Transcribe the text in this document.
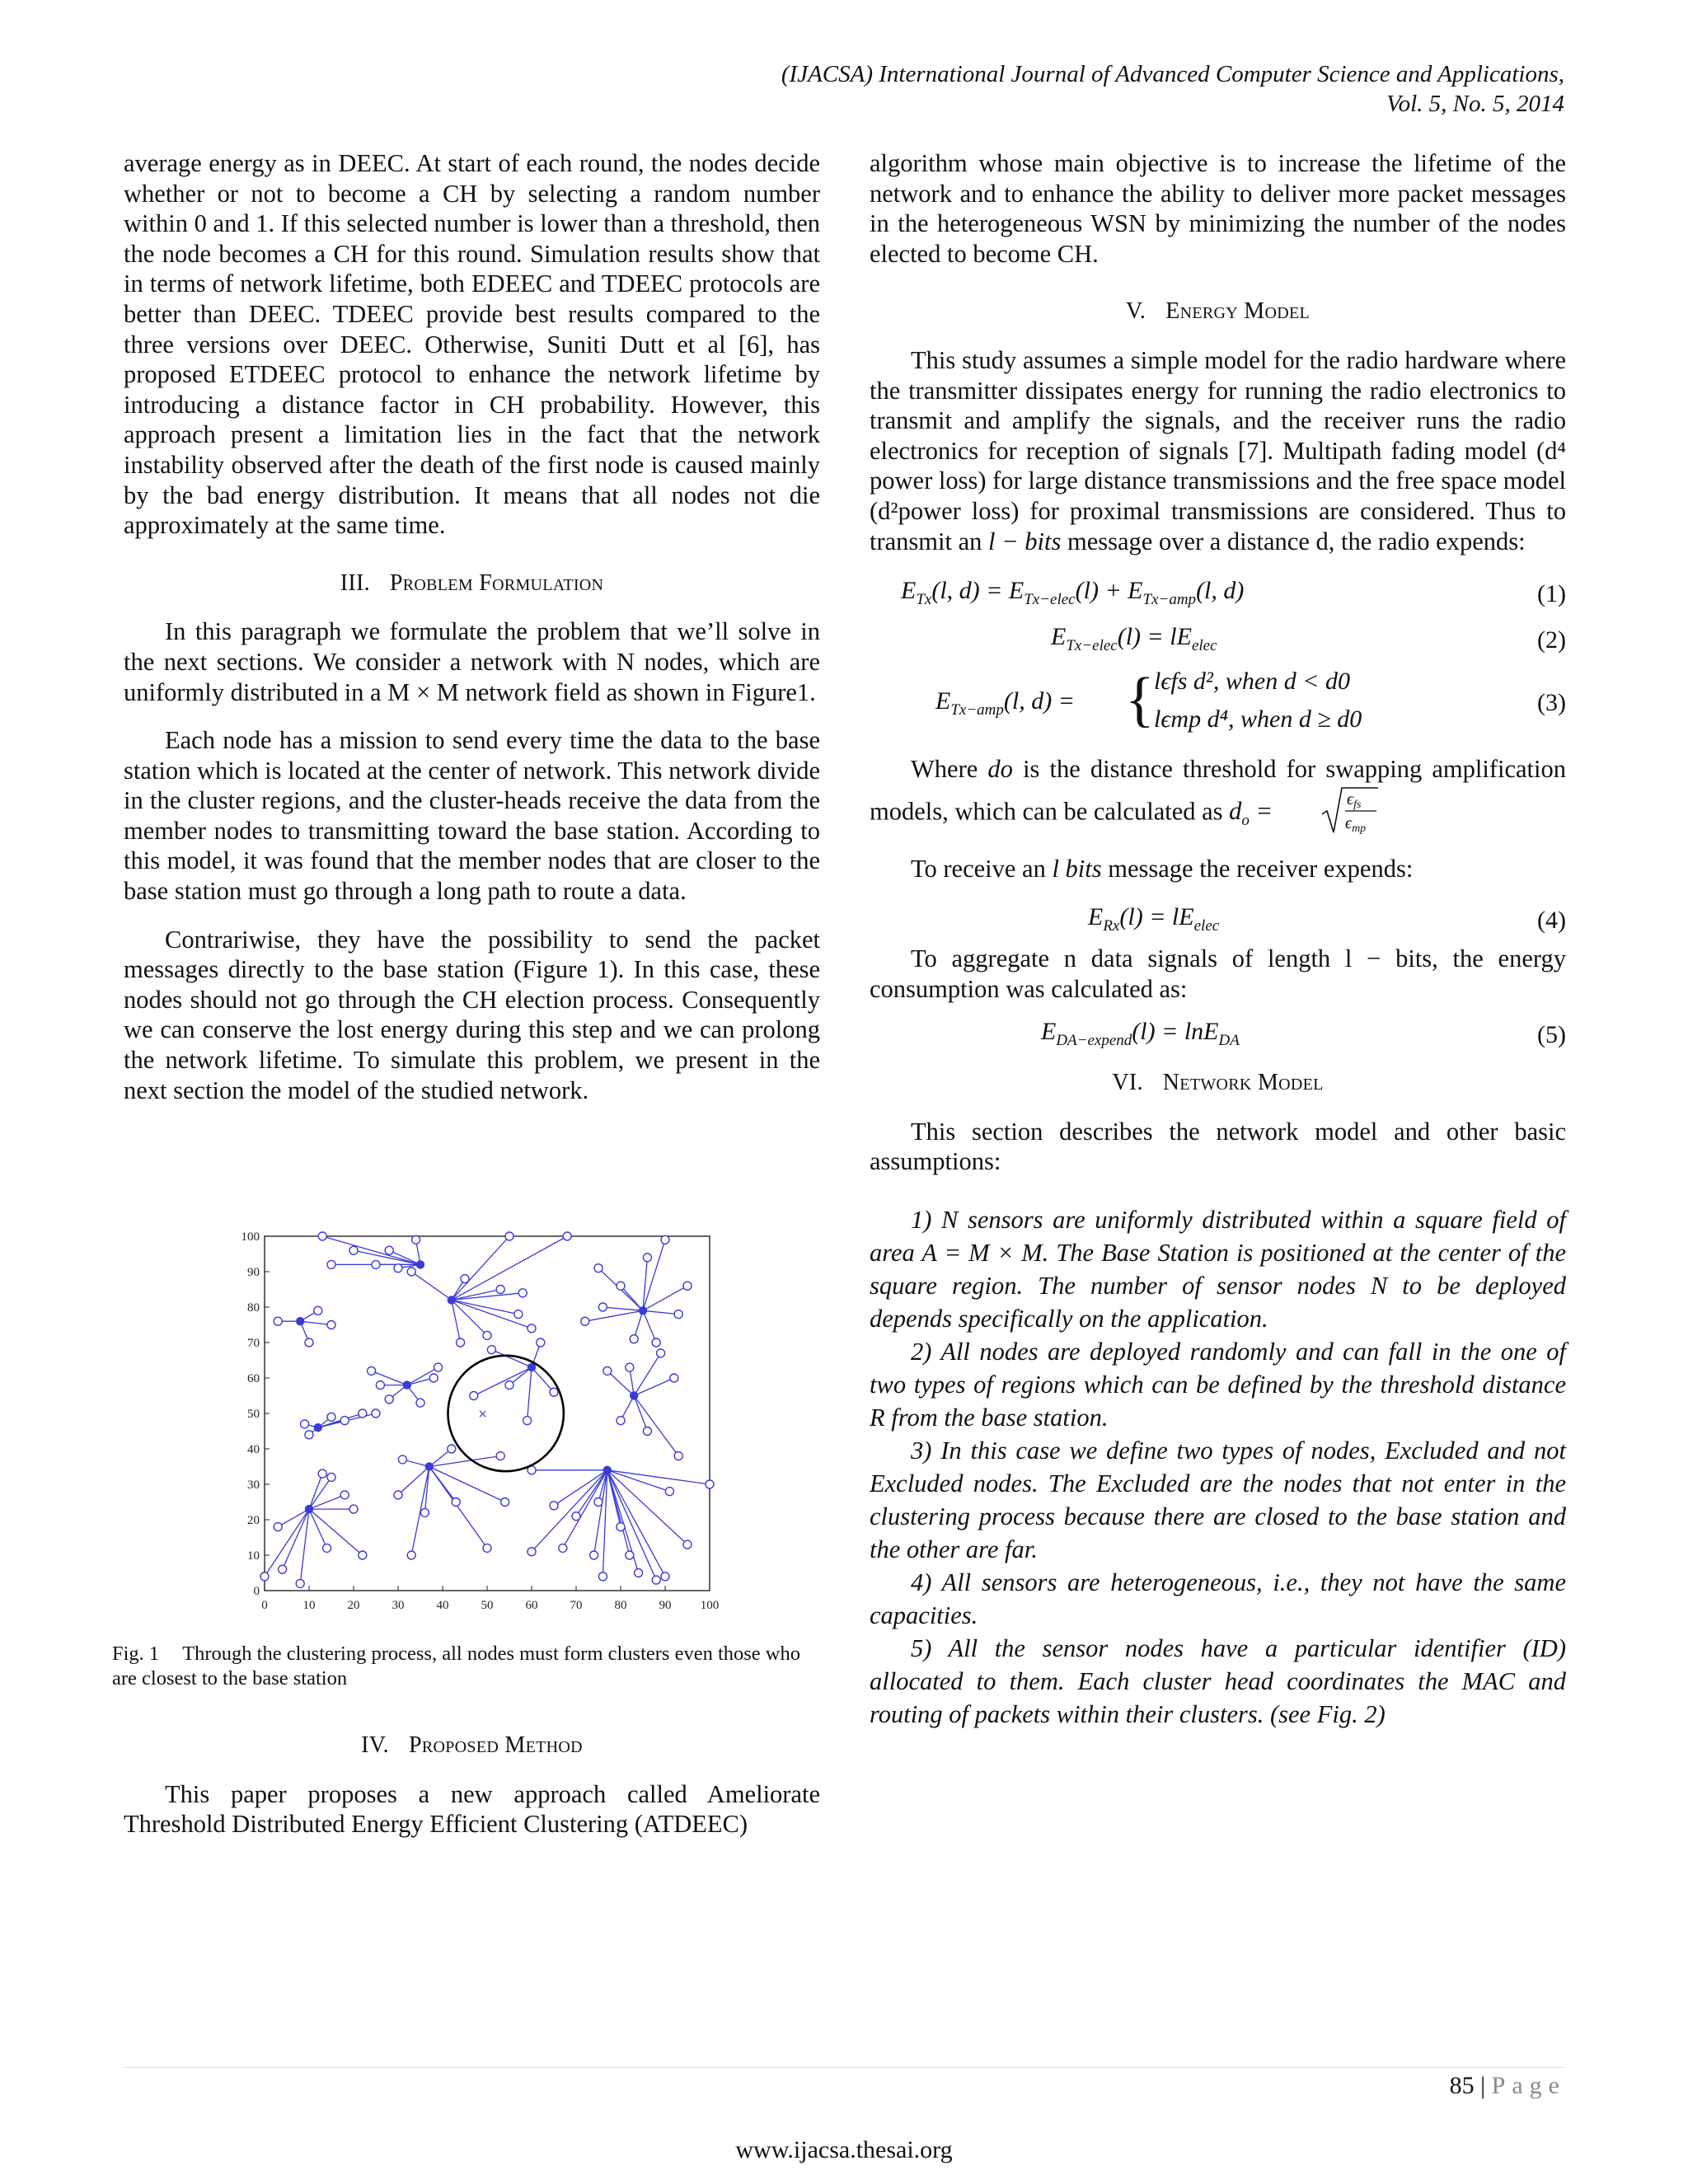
(IJACSA) International Journal of Advanced Computer Science and Applications,
Vol. 5, No. 5, 2014

average energy as in DEEC. At start of each round, the nodes decide whether or not to become a CH by selecting a random number within 0 and 1. If this selected number is lower than a threshold, then the node becomes a CH for this round. Simulation results show that in terms of network lifetime, both EDEEC and TDEEC protocols are better than DEEC. TDEEC provide best results compared to the three versions over DEEC. Otherwise, Suniti Dutt et al [6], has proposed ETDEEC protocol to enhance the network lifetime by introducing a distance factor in CH probability. However, this approach present a limitation lies in the fact that the network instability observed after the death of the first node is caused mainly by the bad energy distribution. It means that all nodes not die approximately at the same time.

III. Problem Formulation

In this paragraph we formulate the problem that we’ll solve in the next sections. We consider a network with N nodes, which are uniformly distributed in a M × M network field as shown in Figure1.

Each node has a mission to send every time the data to the base station which is located at the center of network. This network divide in the cluster regions, and the cluster-heads receive the data from the member nodes to transmitting toward the base station. According to this model, it was found that the member nodes that are closer to the base station must go through a long path to route a data.

Contrariwise, they have the possibility to send the packet messages directly to the base station (Figure 1). In this case, these nodes should not go through the CH election process. Consequently we can conserve the lost energy during this step and we can prolong the network lifetime. To simulate this problem, we present in the next section the model of the studied network.

0	10	20	30	40	50	60	70	80	90 100
0
10
20
30
40
50
60
70
80
90
100
×
Fig. 1 Through the clustering process, all nodes must form clusters even those who are closest to the base station
IV. Proposed Method

This paper proposes a new approach called Ameliorate Threshold Distributed Energy Efficient Clustering (ATDEEC)

algorithm whose main objective is to increase the lifetime of the network and to enhance the ability to deliver more packet messages in the heterogeneous WSN by minimizing the number of the nodes elected to become CH.

V. Energy Model

This study assumes a simple model for the radio hardware where the transmitter dissipates energy for running the radio electronics to transmit and amplify the signals, and the receiver runs the radio electronics for reception of signals [7]. Multipath fading model (d⁴ power loss) for large distance transmissions and the free space model (d²power loss) for proximal transmissions are considered. Thus to transmit an l − bits message over a distance d, the radio expends:

$E_{Tx}(l$, $d) = E_{Tx-elec}(l) + E_{Tx-amp}(l$, d)	(1)
$E_{Tx-elec}(l) = lE_{elec}$	(2)
$E_{Tx-amp}(l$, d) = { lϵfs d², when d < d0
lϵmp d⁴, when d ≥ d0
(3)

Where do is the distance threshold for swapping amplification models, which can be calculated as $d_o$ =	$\epsilon_{fs}$
$\epsilon_{mp}$

To receive an l bits message the receiver expends:

$E_{Rx}(l) = lE_{elec}$	(4)

To aggregate n data signals of length l − bits, the energy consumption was calculated as:

$E_{DA-expend}(l) = \ln E_{DA}$	(5)
VI. Network Model

This section describes the network model and other basic assumptions:

1) N sensors are uniformly distributed within a square field of area A = M × M. The Base Station is positioned at the center of the square region. The number of sensor nodes N to be deployed depends specifically on the application.

2) All nodes are deployed randomly and can fall in the one of two types of regions which can be defined by the threshold distance R from the base station.

3) In this case we define two types of nodes, Excluded and not Excluded nodes. The Excluded are the nodes that not enter in the clustering process because there are closed to the base station and the other are far.

4) All sensors are heterogeneous, i.e., they not have the same capacities.

5) All the sensor nodes have a particular identifier (ID) allocated to them. Each cluster head coordinates the MAC and routing of packets within their clusters. (see Fig. 2)

85 | Page
www.ijacsa.thesai.org
